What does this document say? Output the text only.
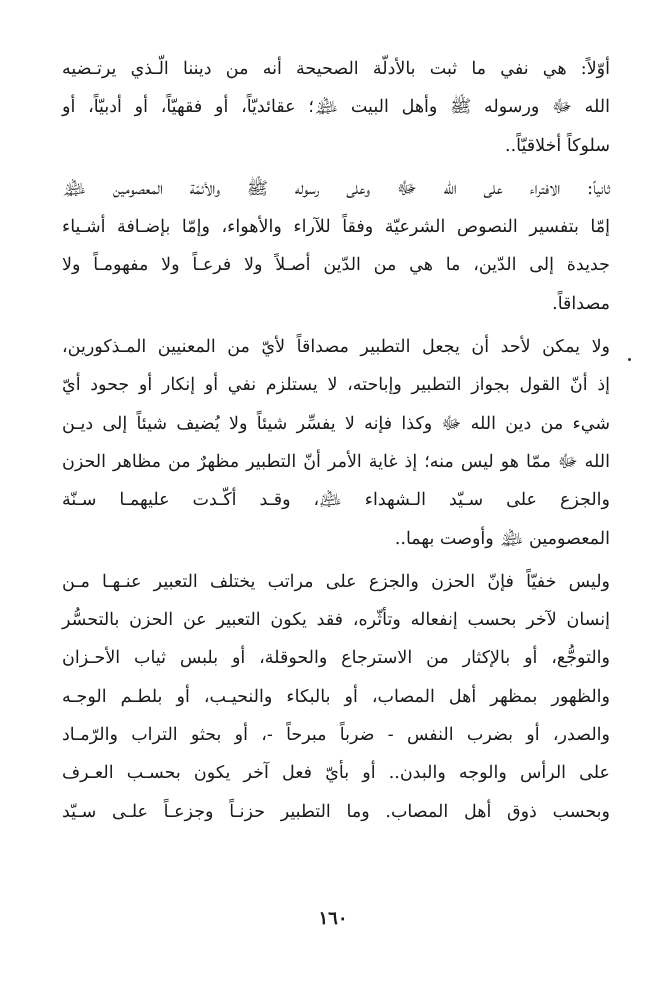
أوّلاً: هي نفي ما ثبت بالأدلّة الصحيحة أنه من ديننا الّـذي يرتـضيه
الله ﷻ ورسوله ﷺ وأهل البيت ﵈؛ عقائديّاً، أو فقهيّاً، أو أدبيّاً، أو
سلوكاً أخلاقيّاً..
ثانياً: الافتراء على الله ﷻ وعلى رسوله ﷺ والأئمّة المعصومين ﵈
إمّا بتفسير النصوص الشرعيّة وفقاً للآراء والأهواء، وإمّا بإضـافة أشـياء
جديدة إلى الدّين، ما هي من الدّين أصـلاً ولا فرعـاً ولا مفهومـاً ولا
مصداقاً.
ولا يمكن لأحد أن يجعل التطبير مصداقاً لأيّ من المعنيين المـذكورين،
إذ أنّ القول بجواز التطبير وإباحته، لا يستلزم نفي أو إنكار أو جحود أيّ
شيء من دين الله ﷻ وكذا فإنه لا يفسِّر شيئاً ولا يُضيف شيئاً إلى ديـن
الله ﷻ ممّا هو ليس منه؛ إذ غاية الأمر أنّ التطبير مظهرٌ من مظاهر الحزن
والجزع على سـيّد الـشهداء ﵇، وقـد أكّـدت عليهمـا سـنّة
المعصومين ﵈ وأوصت بهما..
وليس خفيّاً فإنّ الحزن والجزع على مراتب يختلف التعبير عنـهـا مـن
إنسان لآخر بحسب إنفعاله وتأثّره، فقد يكون التعبير عن الحزن بالتحسُّر
والتوجُّع، أو بالإكثار من الاسترجاع والحوقلة، أو بلبس ثياب الأحـزان
والظهور بمظهر أهل المصاب، أو بالبكاء والنحيـب، أو بلطـم الوجـه
والصدر، أو بضرب النفس - ضرباً مبرحاً -، أو بحثو التراب والرّمـاد
على الرأس والوجه والبدن.. أو بأيّ فعل آخر يكون بحسـب العـرف
وبحسب ذوق أهل المصاب. وما التطبير حزنـاً وجزعـاً علـى سـيّد
١٦٠
